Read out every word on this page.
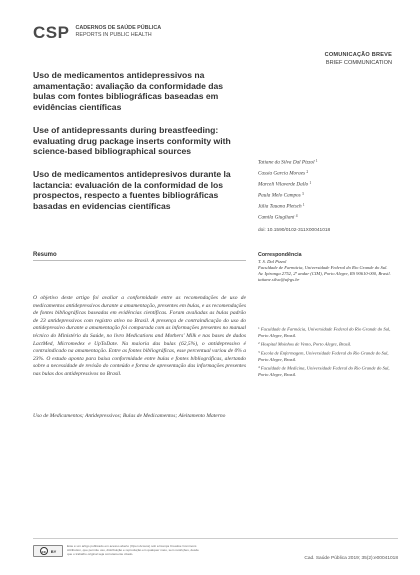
CSP CADERNOS DE SAÚDE PÚBLICA
REPORTS IN PUBLIC HEALTH
COMUNICAÇÃO BREVE
BRIEF COMMUNICATION
Uso de medicamentos antidepressivos na amamentação: avaliação da conformidade das bulas com fontes bibliográficas baseadas em evidências científicas
Use of antidepressants during breastfeeding: evaluating drug package inserts conformity with science-based bibliographical sources
Uso de medicamentos antidepresivos durante la lactancia: evaluación de la conformidad de los prospectos, respecto a fuentes bibliográficas basadas en evidencias científicas
Tatiane da Silva Dal Pizzol $^1$
Cassia Garcia Moraes $^2$
Marceli Vilaverde Dallo $^1$
Paula Melo Campos $^3$
Júlia Tauana Pletsch $^1$
Camila Giugliani $^4$
doi: 10.1590/0102-311X00041018
Resumo

O objetivo deste artigo foi avaliar a conformidade entre as recomendações de uso de medicamentos antidepressivos durante a amamentação, presentes em bulas, e as recomendações de fontes bibliográficas baseadas em evidências científicas. Foram avaliadas as bulas padrão de 23 antidepressivos com registro ativo no Brasil. A presença de contraindicação do uso do antidepressivo durante a amamentação foi comparada com as informações presentes no manual técnico do Ministério da Saúde, no livro Medications and Mothers' Milk e nas bases de dados LactMed, Micromedex e UpToDate. Na maioria das bulas (62,5%), o antidepressivo é contraindicado na amamentação. Entre as fontes bibliográficas, esse percentual variou de 0% a 23%. O estudo aponta para baixa conformidade entre bulas e fontes bibliográficas, alertando sobre a necessidade de revisão do conteúdo e forma de apresentação das informações presentes nas bulas dos antidepressivos no Brasil.

Uso de Medicamentos; Antidepressivos; Bulas de Medicamentos; Aleitamento Materno

Correspondência
T. S. Dal Pizzol
Faculdade de Farmácia, Universidade Federal do Rio Grande do Sul.
Av. Ipiranga 2752, 2º andar (CIM), Porto Alegre, RS 90610-000, Brasil.
tatiane.silva@ufrgs.br

$^1$ Faculdade de Farmácia, Universidade Federal do Rio Grande do Sul, Porto Alegre, Brasil.

$^2$ Hospital Moinhos de Vento, Porto Alegre, Brasil.

$^3$ Escola de Enfermagem, Universidade Federal do Rio Grande do Sul, Porto Alegre, Brasil.

$^4$ Faculdade de Medicina, Universidade Federal do Rio Grande do Sul, Porto Alegre, Brasil.

cc	BY

Este é um artigo publicado em acesso aberto (Open Access) sob a licença Creative Commons Attribution, que permite uso, distribuição e reprodução em qualquer meio, sem restrições, desde que o trabalho original seja corretamente citado.

Cad. Saúde Pública 2019; 35(2):e00041018
